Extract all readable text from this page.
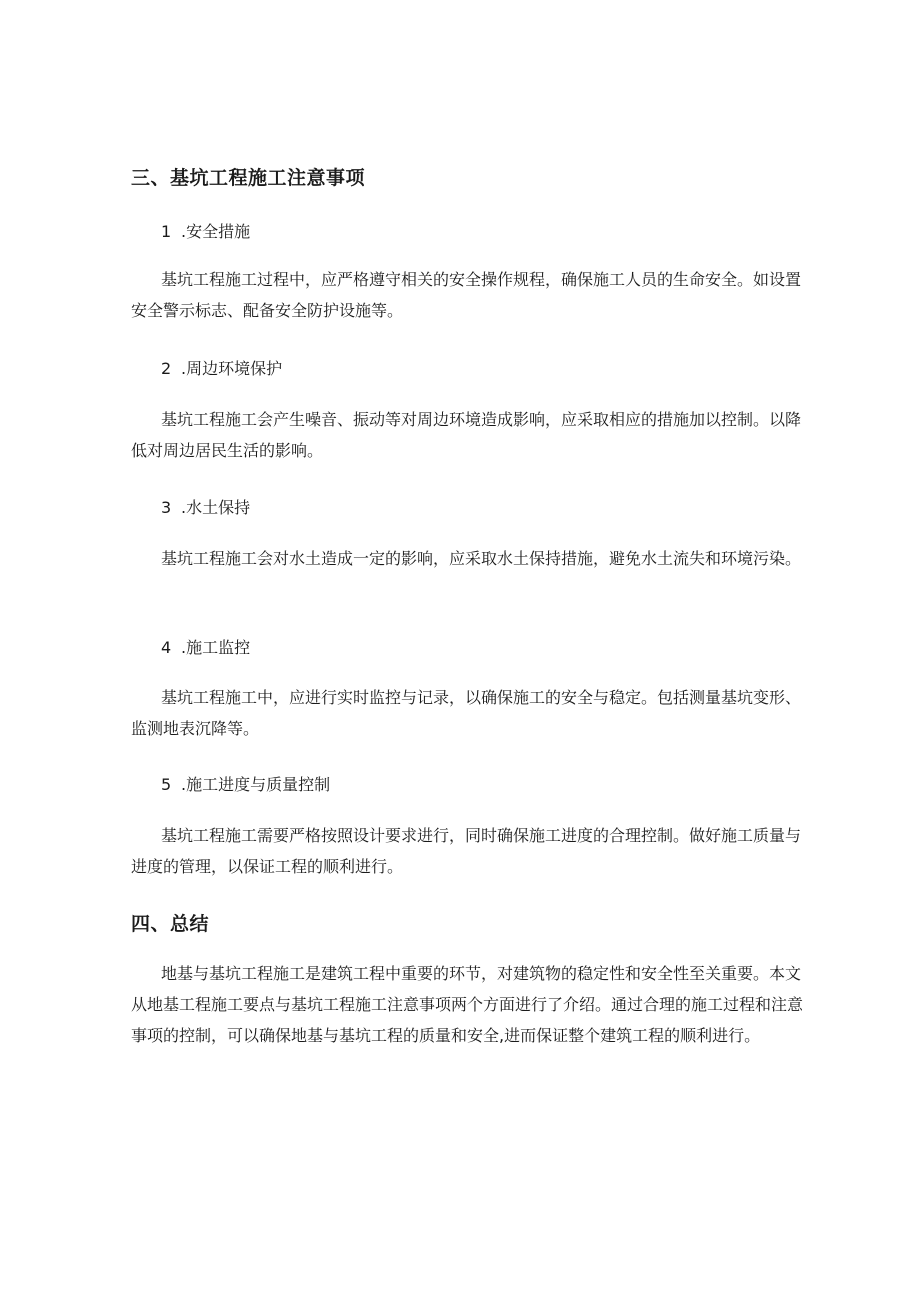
三、基坑工程施工注意事项
1 .安全措施
基坑工程施工过程中，应严格遵守相关的安全操作规程，确保施工人员的生命安全。如设置安全警示标志、配备安全防护设施等。
2 .周边环境保护
基坑工程施工会产生噪音、振动等对周边环境造成影响，应采取相应的措施加以控制。以降低对周边居民生活的影响。
3 .水土保持
基坑工程施工会对水土造成一定的影响，应采取水土保持措施，避免水土流失和环境污染。
4 .施工监控
基坑工程施工中，应进行实时监控与记录，以确保施工的安全与稳定。包括测量基坑变形、监测地表沉降等。
5 .施工进度与质量控制
基坑工程施工需要严格按照设计要求进行，同时确保施工进度的合理控制。做好施工质量与进度的管理，以保证工程的顺利进行。
四、总结
地基与基坑工程施工是建筑工程中重要的环节，对建筑物的稳定性和安全性至关重要。本文从地基工程施工要点与基坑工程施工注意事项两个方面进行了介绍。通过合理的施工过程和注意事项的控制，可以确保地基与基坑工程的质量和安全,进而保证整个建筑工程的顺利进行。
